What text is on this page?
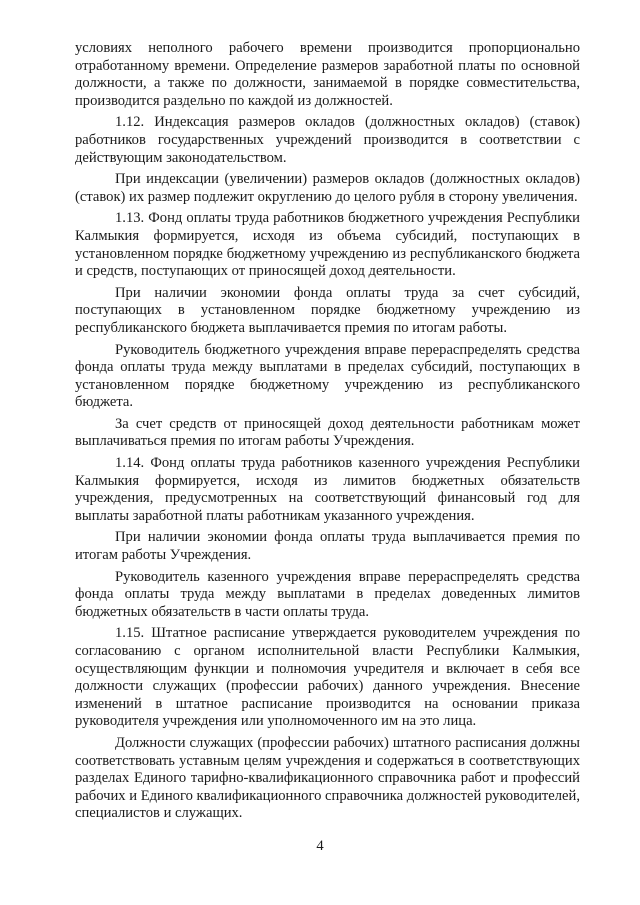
условиях неполного рабочего времени производится пропорционально отработанному времени. Определение размеров заработной платы по основной должности, а также по должности, занимаемой в порядке совместительства, производится раздельно по каждой из должностей.

1.12. Индексация размеров окладов (должностных окладов) (ставок) работников государственных учреждений производится в соответствии с действующим законодательством.

При индексации (увеличении) размеров окладов (должностных окладов) (ставок) их размер подлежит округлению до целого рубля в сторону увеличения.

1.13. Фонд оплаты труда работников бюджетного учреждения Республики Калмыкия формируется, исходя из объема субсидий, поступающих в установленном порядке бюджетному учреждению из республиканского бюджета и средств, поступающих от приносящей доход деятельности.

При наличии экономии фонда оплаты труда за счет субсидий, поступающих в установленном порядке бюджетному учреждению из республиканского бюджета выплачивается премия по итогам работы.

Руководитель бюджетного учреждения вправе перераспределять средства фонда оплаты труда между выплатами в пределах субсидий, поступающих в установленном порядке бюджетному учреждению из республиканского бюджета.

За счет средств от приносящей доход деятельности работникам может выплачиваться премия по итогам работы Учреждения.

1.14. Фонд оплаты труда работников казенного учреждения Республики Калмыкия формируется, исходя из лимитов бюджетных обязательств учреждения, предусмотренных на соответствующий финансовый год для выплаты заработной платы работникам указанного учреждения.

При наличии экономии фонда оплаты труда выплачивается премия по итогам работы Учреждения.

Руководитель казенного учреждения вправе перераспределять средства фонда оплаты труда между выплатами в пределах доведенных лимитов бюджетных обязательств в части оплаты труда.

1.15. Штатное расписание утверждается руководителем учреждения по согласованию с органом исполнительной власти Республики Калмыкия, осуществляющим функции и полномочия учредителя и включает в себя все должности служащих (профессии рабочих) данного учреждения. Внесение изменений в штатное расписание производится на основании приказа руководителя учреждения или уполномоченного им на это лица.

Должности служащих (профессии рабочих) штатного расписания должны соответствовать уставным целям учреждения и содержаться в соответствующих разделах Единого тарифно-квалификационного справочника работ и профессий рабочих и Единого квалификационного справочника должностей руководителей, специалистов и служащих.

4
